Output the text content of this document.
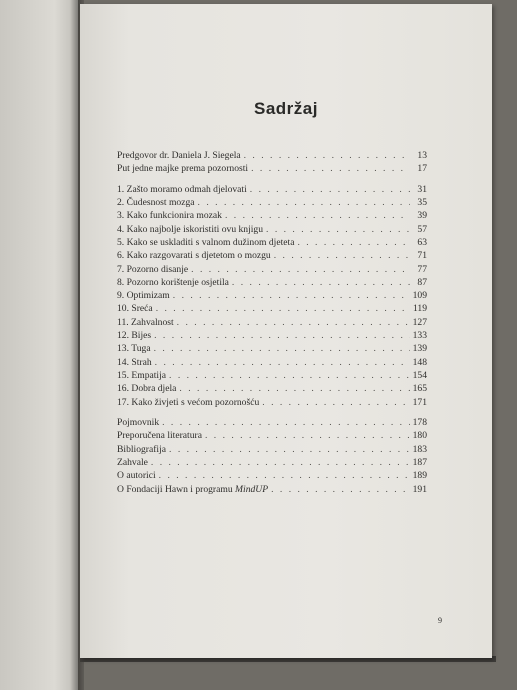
Sadržaj
Predgovor dr. Daniela J. Siegela . . .	13
Put jedne majke prema pozornosti . . .	17
1. Zašto moramo odmah djelovati . . .	31
2. Čudesnost mozga . . .	35
3. Kako funkcionira mozak . . .	39
4. Kako najbolje iskoristiti ovu knjigu . . .	57
5. Kako se uskladiti s valnom dužinom djeteta . . .	63
6. Kako razgovarati s djetetom o mozgu . . .	71
7. Pozorno disanje . . .	77
8. Pozorno korištenje osjetila . . .	87
9. Optimizam . . .	109
10. Sreća . . .	119
11. Zahvalnost . . .	127
12. Bijes . . .	133
13. Tuga . . .	139
14. Strah . . .	148
15. Empatija . . .	154
16. Dobra djela . . .	165
17. Kako živjeti s većom pozornošću . . .	171
Pojmovnik . . .	178
Preporučena literatura . . .	180
Bibliografija . . .	183
Zahvale . . .	187
O autorici . . .	189
O Fondaciji Hawn i programu MindUP . . .	191
9
